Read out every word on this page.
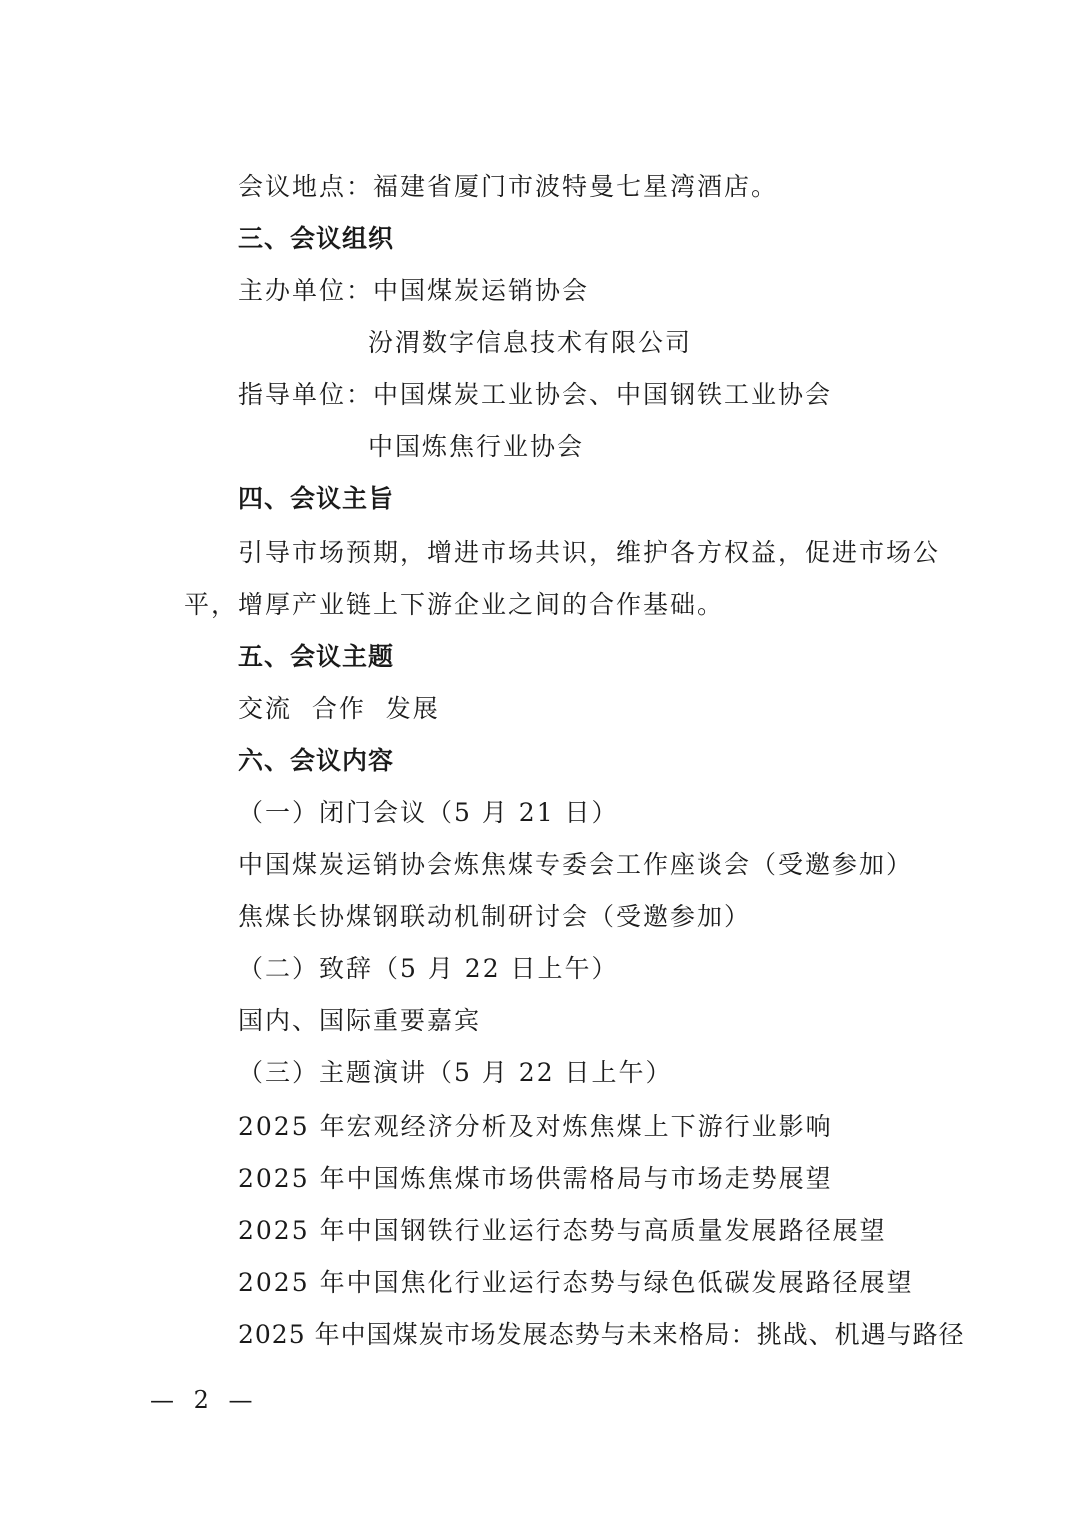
会议地点：福建省厦门市波特曼七星湾酒店。
三、会议组织
主办单位：中国煤炭运销协会
汾渭数字信息技术有限公司
指导单位：中国煤炭工业协会、中国钢铁工业协会
中国炼焦行业协会
四、会议主旨
引导市场预期，增进市场共识，维护各方权益，促进市场公
平，增厚产业链上下游企业之间的合作基础。
五、会议主题
交流  合作  发展
六、会议内容
（一）闭门会议（5 月 21 日）
中国煤炭运销协会炼焦煤专委会工作座谈会（受邀参加）
焦煤长协煤钢联动机制研讨会（受邀参加）
（二）致辞（5 月 22 日上午）
国内、国际重要嘉宾
（三）主题演讲（5 月 22 日上午）
2025 年宏观经济分析及对炼焦煤上下游行业影响
2025 年中国炼焦煤市场供需格局与市场走势展望
2025 年中国钢铁行业运行态势与高质量发展路径展望
2025 年中国焦化行业运行态势与绿色低碳发展路径展望
2025 年中国煤炭市场发展态势与未来格局：挑战、机遇与路径
— 2 —
